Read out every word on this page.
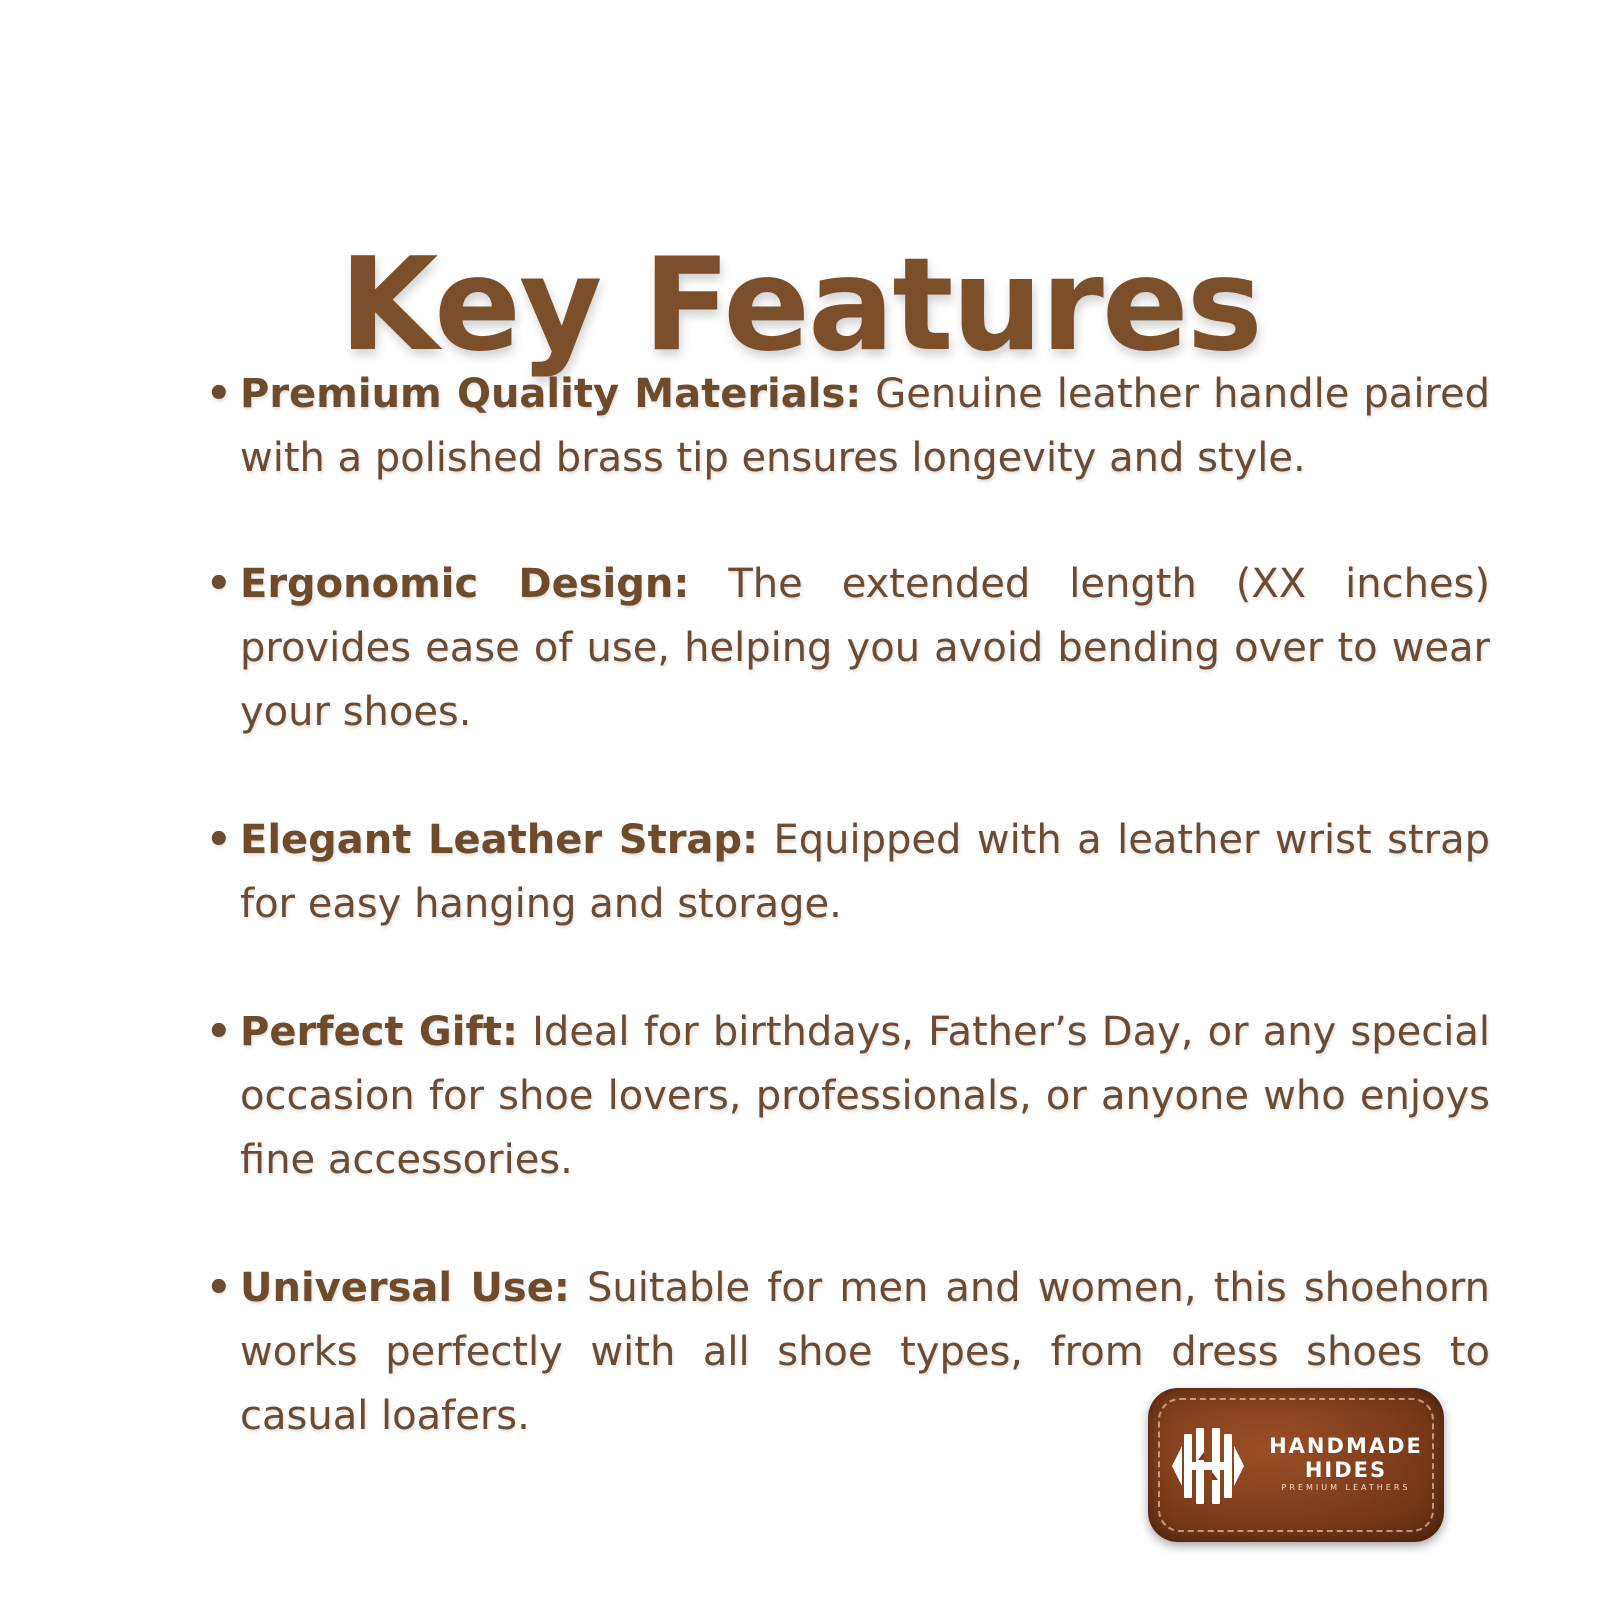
Key Features
• Premium Quality Materials: Genuine leather handle paired with a polished brass tip ensures longevity and style.
• Ergonomic Design: The extended length (XX inches) provides ease of use, helping you avoid bending over to wear your shoes.
• Elegant Leather Strap: Equipped with a leather wrist strap for easy hanging and storage.
• Perfect Gift: Ideal for birthdays, Father’s Day, or any special occasion for shoe lovers, professionals, or anyone who enjoys fine accessories.
• Universal Use: Suitable for men and women, this shoehorn works perfectly with all shoe types, from dress shoes to casual loafers.
HANDMADE
HIDES
PREMIUM LEATHERS
